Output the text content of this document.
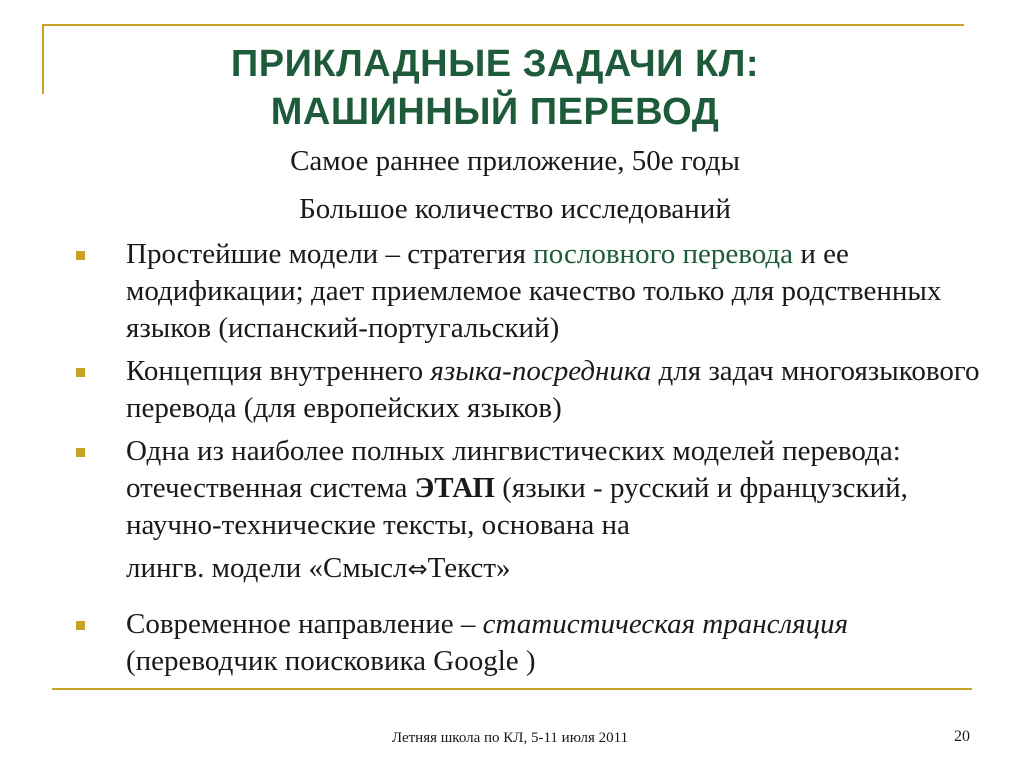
ПРИКЛАДНЫЕ ЗАДАЧИ КЛ:
МАШИННЫЙ ПЕРЕВОД
Самое раннее приложение, 50е годы
Большое количество исследований
Простейшие модели – стратегия пословного перевода и ее модификации; дает приемлемое качество только для родственных языков (испанский-португальский)
Концепция внутреннего языка-посредника для задач многоязыкового перевода (для европейских языков)
Одна из наиболее полных лингвистических моделей перевода: отечественная система ЭТАП (языки - русский и французский, научно-технические тексты, основана на
лингв. модели «Смысл⇔Текст»
Современное направление – статистическая трансляция (переводчик поисковика Google )
Летняя школа по КЛ, 5-11 июля 2011	20
